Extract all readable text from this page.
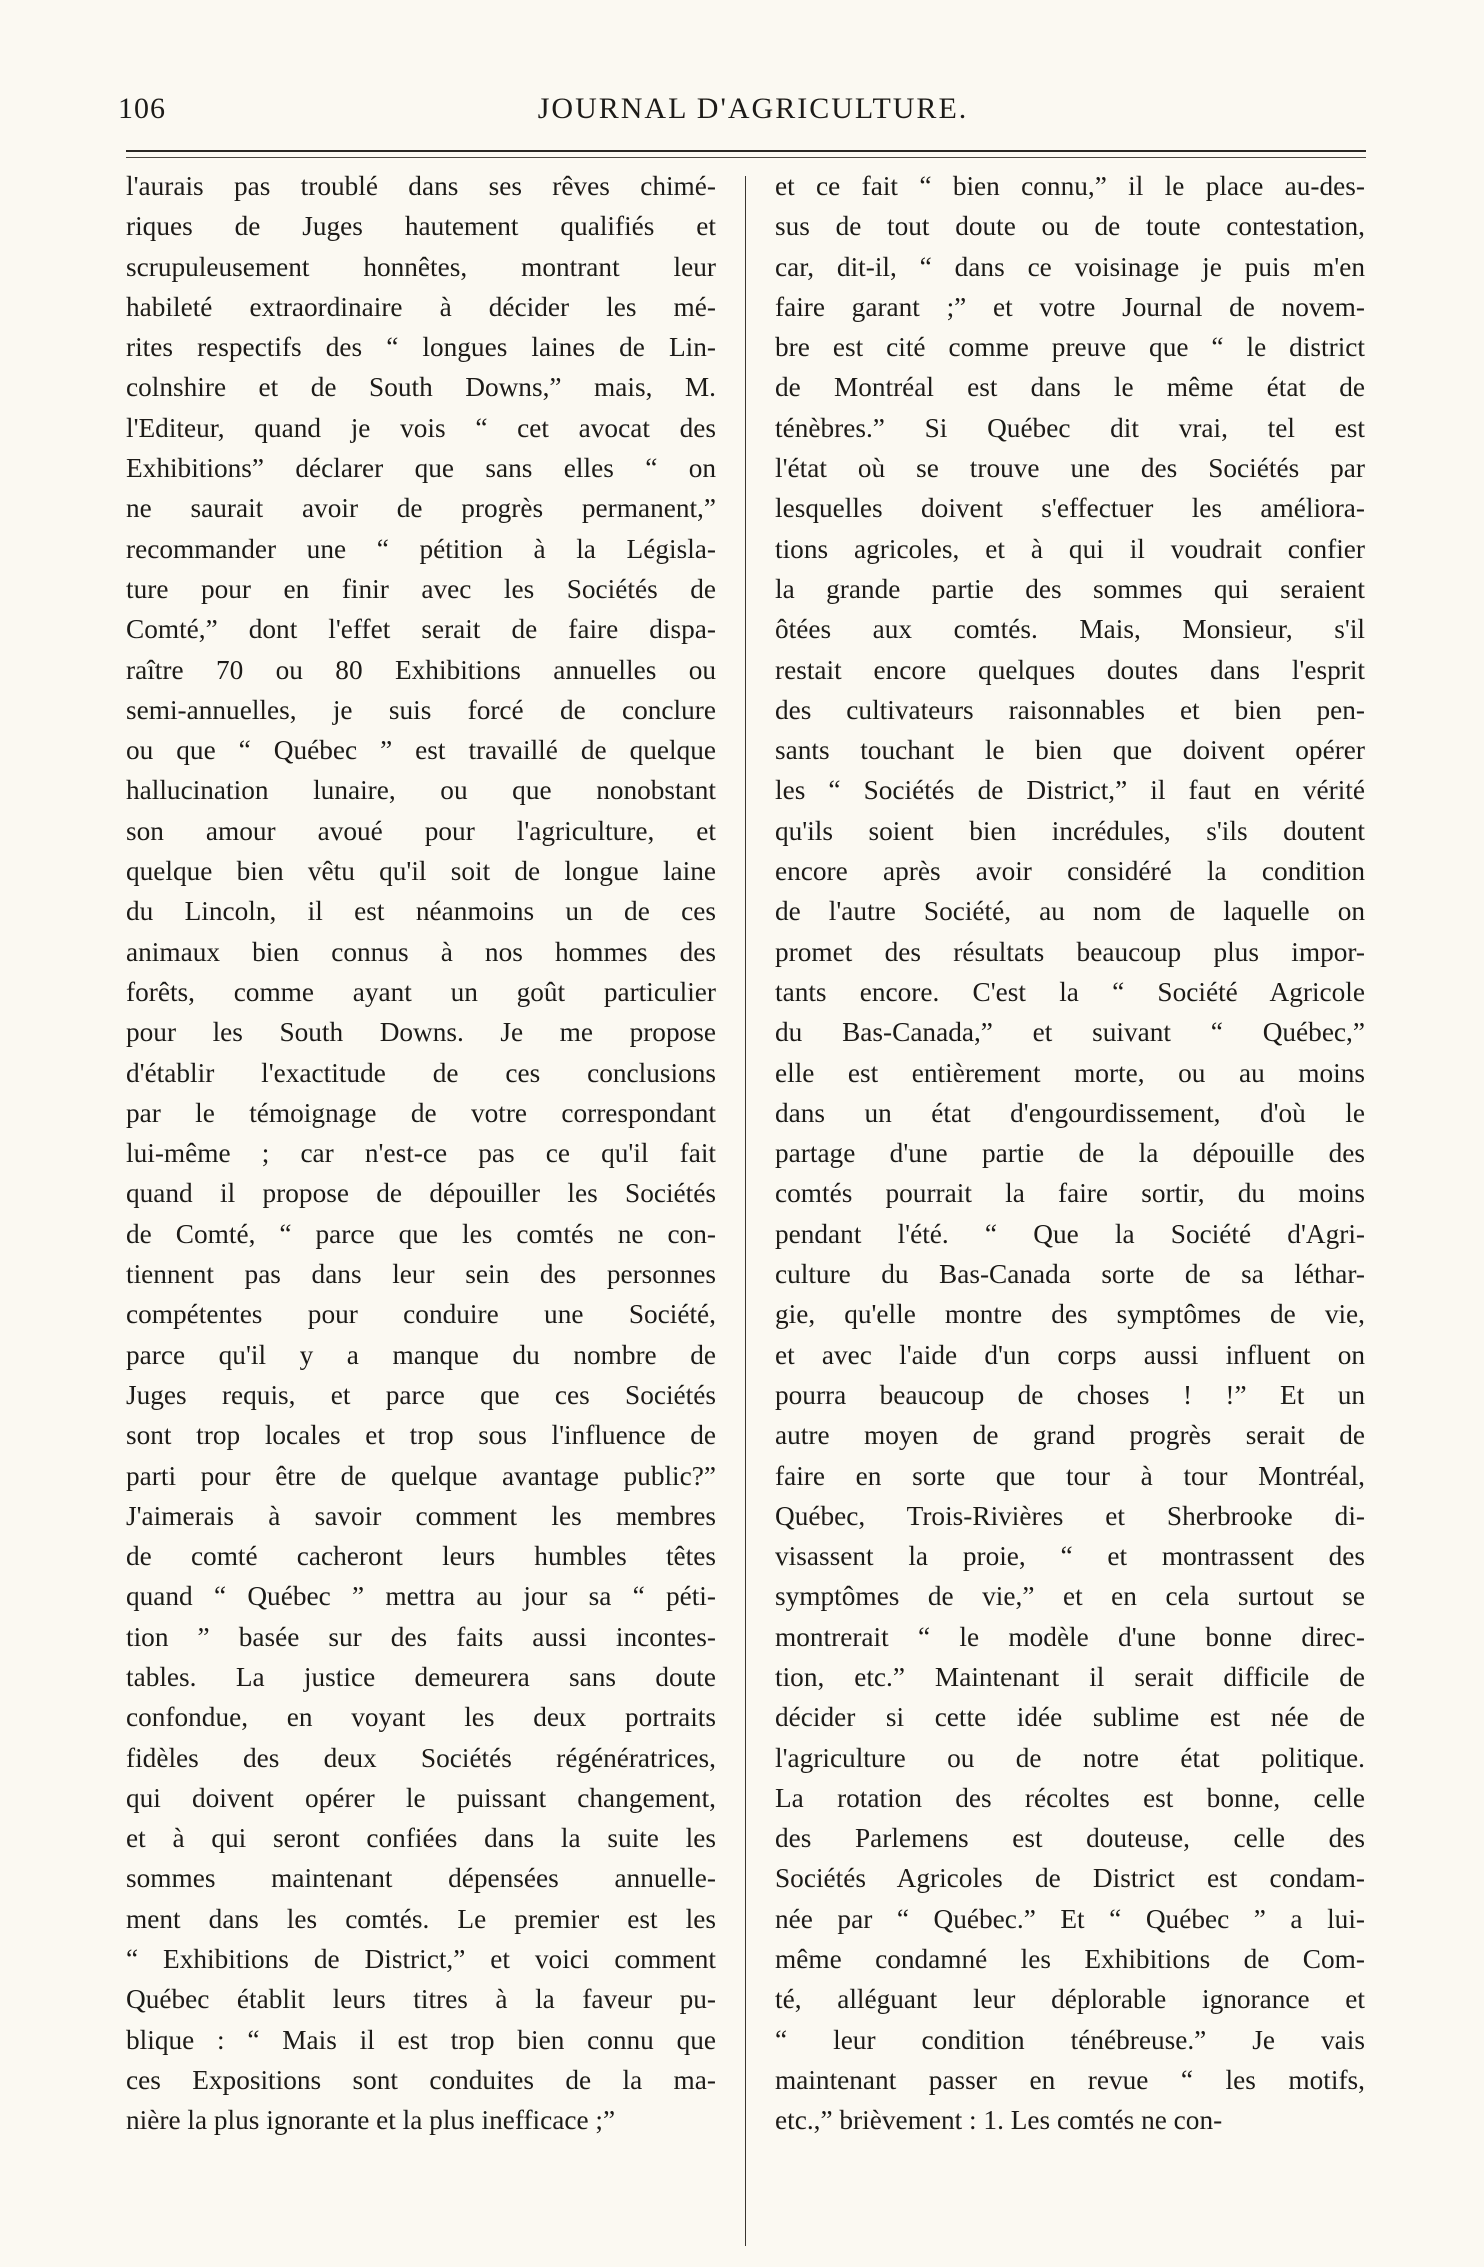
106	JOURNAL D'AGRICULTURE.
l'aurais pas troublé dans ses rêves chimé-
riques de Juges hautement qualifiés et
scrupuleusement honnêtes, montrant leur
habileté extraordinaire à décider les mé-
rites respectifs des “ longues laines de Lin-
colnshire et de South Downs,” mais, M.
l'Editeur, quand je vois “ cet avocat des
Exhibitions” déclarer que sans elles “ on
ne saurait avoir de progrès permanent,”
recommander une “ pétition à la Législa-
ture pour en finir avec les Sociétés de
Comté,” dont l'effet serait de faire dispa-
raître 70 ou 80 Exhibitions annuelles ou
semi-annuelles, je suis forcé de conclure
ou que “ Québec ” est travaillé de quelque
hallucination lunaire, ou que nonobstant
son amour avoué pour l'agriculture, et
quelque bien vêtu qu'il soit de longue laine
du Lincoln, il est néanmoins un de ces
animaux bien connus à nos hommes des
forêts, comme ayant un goût particulier
pour les South Downs. Je me propose
d'établir l'exactitude de ces conclusions
par le témoignage de votre correspondant
lui-même ; car n'est-ce pas ce qu'il fait
quand il propose de dépouiller les Sociétés
de Comté, “ parce que les comtés ne con-
tiennent pas dans leur sein des personnes
compétentes pour conduire une Société,
parce qu'il y a manque du nombre de
Juges requis, et parce que ces Sociétés
sont trop locales et trop sous l'influence de
parti pour être de quelque avantage public?”
J'aimerais à savoir comment les membres
de comté cacheront leurs humbles têtes
quand “ Québec ” mettra au jour sa “ péti-
tion ” basée sur des faits aussi incontes-
tables. La justice demeurera sans doute
confondue, en voyant les deux portraits
fidèles des deux Sociétés régénératrices,
qui doivent opérer le puissant changement,
et à qui seront confiées dans la suite les
sommes maintenant dépensées annuelle-
ment dans les comtés. Le premier est les
“ Exhibitions de District,” et voici comment
Québec établit leurs titres à la faveur pu-
blique : “ Mais il est trop bien connu que
ces Expositions sont conduites de la ma-
nière la plus ignorante et la plus inefficace ;”
et ce fait “ bien connu,” il le place au-des-
sus de tout doute ou de toute contestation,
car, dit-il, “ dans ce voisinage je puis m'en
faire garant ;” et votre Journal de novem-
bre est cité comme preuve que “ le district
de Montréal est dans le même état de
ténèbres.” Si Québec dit vrai, tel est
l'état où se trouve une des Sociétés par
lesquelles doivent s'effectuer les améliora-
tions agricoles, et à qui il voudrait confier
la grande partie des sommes qui seraient
ôtées aux comtés. Mais, Monsieur, s'il
restait encore quelques doutes dans l'esprit
des cultivateurs raisonnables et bien pen-
sants touchant le bien que doivent opérer
les “ Sociétés de District,” il faut en vérité
qu'ils soient bien incrédules, s'ils doutent
encore après avoir considéré la condition
de l'autre Société, au nom de laquelle on
promet des résultats beaucoup plus impor-
tants encore. C'est la “ Société Agricole
du Bas-Canada,” et suivant “ Québec,”
elle est entièrement morte, ou au moins
dans un état d'engourdissement, d'où le
partage d'une partie de la dépouille des
comtés pourrait la faire sortir, du moins
pendant l'été. “ Que la Société d'Agri-
culture du Bas-Canada sorte de sa léthar-
gie, qu'elle montre des symptômes de vie,
et avec l'aide d'un corps aussi influent on
pourra beaucoup de choses ! !” Et un
autre moyen de grand progrès serait de
faire en sorte que tour à tour Montréal,
Québec, Trois-Rivières et Sherbrooke di-
visassent la proie, “ et montrassent des
symptômes de vie,” et en cela surtout se
montrerait “ le modèle d'une bonne direc-
tion, etc.” Maintenant il serait difficile de
décider si cette idée sublime est née de
l'agriculture ou de notre état politique.
La rotation des récoltes est bonne, celle
des Parlemens est douteuse, celle des
Sociétés Agricoles de District est condam-
née par “ Québec.” Et “ Québec ” a lui-
même condamné les Exhibitions de Com-
té, alléguant leur déplorable ignorance et
“ leur condition ténébreuse.” Je vais
maintenant passer en revue “ les motifs,
etc.,” brièvement : 1. Les comtés ne con-
